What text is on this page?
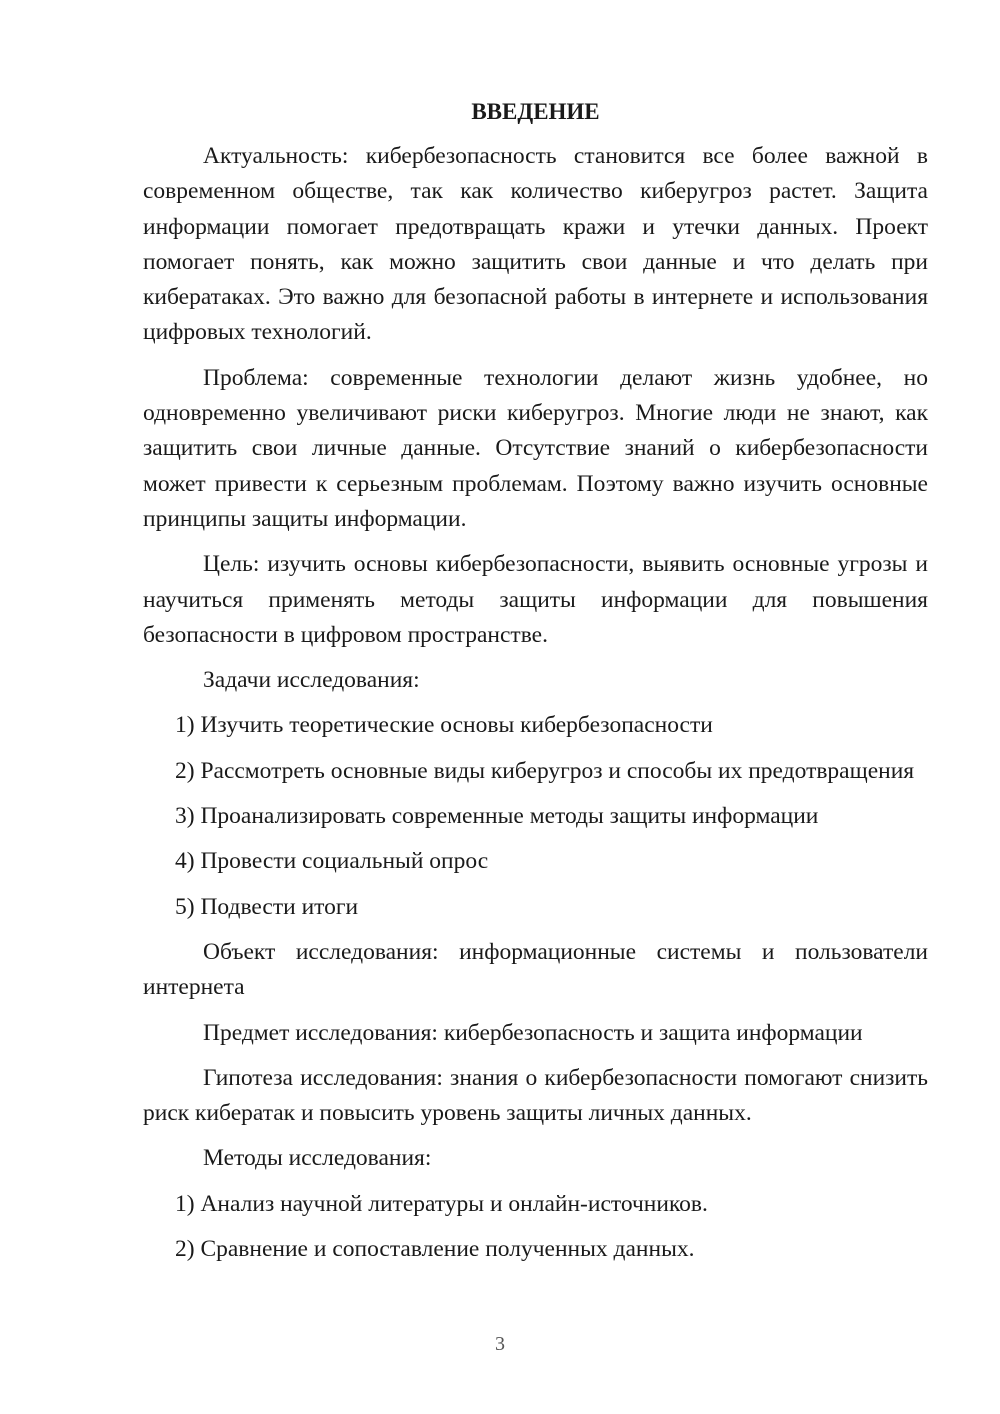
ВВЕДЕНИЕ

Актуальность: кибербезопасность становится все более важной в современном обществе, так как количество киберугроз растет. Защита информации помогает предотвращать кражи и утечки данных. Проект помогает понять, как можно защитить свои данные и что делать при кибератаках. Это важно для безопасной работы в интернете и использования цифровых технологий.

Проблема: современные технологии делают жизнь удобнее, но одновременно увеличивают риски киберугроз. Многие люди не знают, как защитить свои личные данные. Отсутствие знаний о кибербезопасности может привести к серьезным проблемам. Поэтому важно изучить основные принципы защиты информации.

Цель: изучить основы кибербезопасности, выявить основные угрозы и научиться применять методы защиты информации для повышения безопасности в цифровом пространстве.

Задачи исследования:

1) Изучить теоретические основы кибербезопасности

2) Рассмотреть основные виды киберугроз и способы их предотвращения

3) Проанализировать современные методы защиты информации

4) Провести социальный опрос

5) Подвести итоги

Объект исследования: информационные системы и пользователи интернета

Предмет исследования: кибербезопасность и защита информации

Гипотеза исследования: знания о кибербезопасности помогают снизить риск кибератак и повысить уровень защиты личных данных.

Методы исследования:

1) Анализ научной литературы и онлайн-источников.

2) Сравнение и сопоставление полученных данных.

3
